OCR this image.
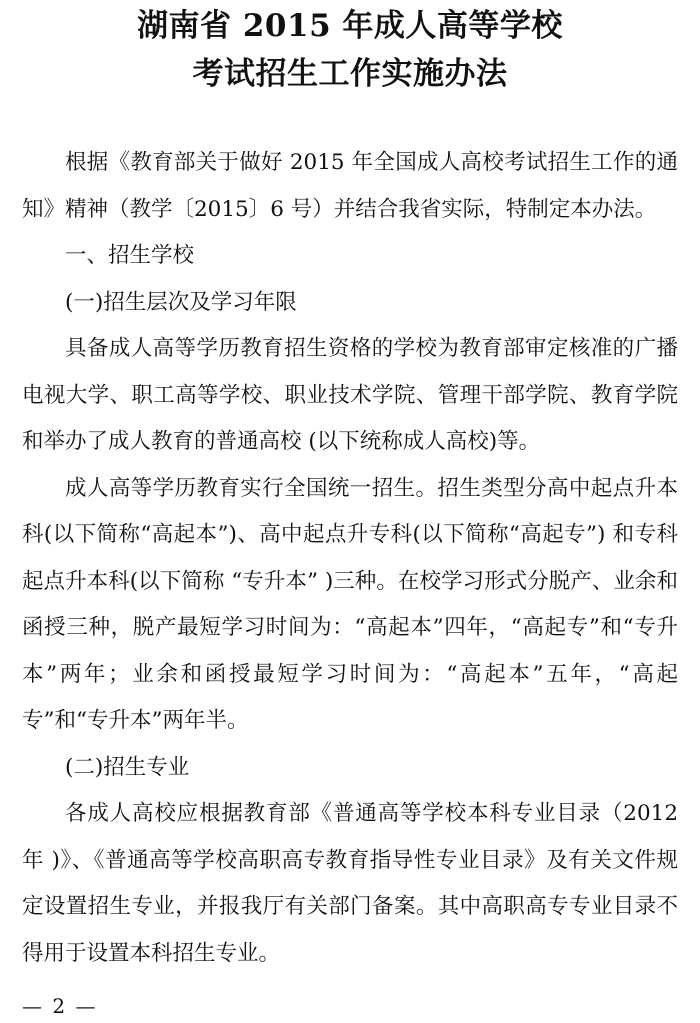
湖南省 2015 年成人高等学校
考试招生工作实施办法

根据《教育部关于做好 2015 年全国成人高校考试招生工作的通知》精神（教学〔2015〕6 号）并结合我省实际，特制定本办法。

一、招生学校

(一)招生层次及学习年限

具备成人高等学历教育招生资格的学校为教育部审定核准的广播电视大学、职工高等学校、职业技术学院、管理干部学院、教育学院和举办了成人教育的普通高校 (以下统称成人高校)等。

成人高等学历教育实行全国统一招生。招生类型分高中起点升本科(以下简称“高起本”)、高中起点升专科(以下简称“高起专”) 和专科起点升本科(以下简称 “专升本” )三种。在校学习形式分脱产、业余和函授三种，脱产最短学习时间为：“高起本”四年，“高起专”和“专升本”两年；业余和函授最短学习时间为：“高起本”五年，“高起专”和“专升本”两年半。

(二)招生专业

各成人高校应根据教育部《普通高等学校本科专业目录（2012 年 )》、《普通高等学校高职高专教育指导性专业目录》及有关文件规定设置招生专业，并报我厅有关部门备案。其中高职高专专业目录不得用于设置本科招生专业。

— 2 —
